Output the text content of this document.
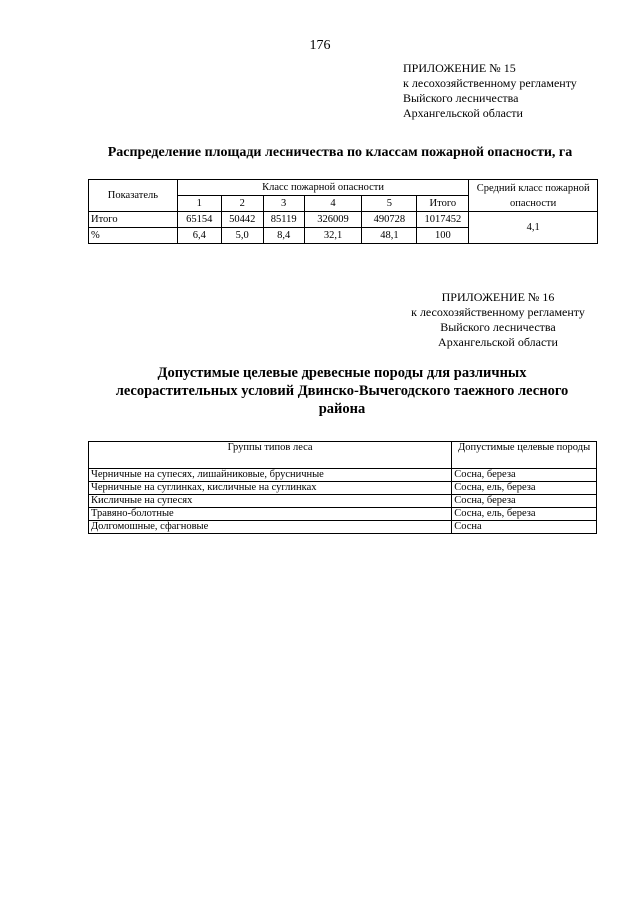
176
ПРИЛОЖЕНИЕ № 15
к лесохозяйственному регламенту
Выйского лесничества
Архангельской области
Распределение площади лесничества по классам пожарной опасности, га
Показатель	Класс пожарной опасности						Средний класс пожарной опасности
	1	2	3	4	5	Итого	
Итого	65154	50442	85119	326009	490728	1017452	4,1
%	6,4	5,0	8,4	32,1	48,1	100	
ПРИЛОЖЕНИЕ № 16
к лесохозяйственному регламенту
Выйского лесничества
Архангельской области
Допустимые целевые древесные породы для различных
лесорастительных условий Двинско-Вычегодского таежного лесного
района
Группы типов леса	Допустимые целевые породы
Черничные на супесях, лишайниковые, брусничные	Сосна, береза
Черничные на суглинках, кисличные на суглинках	Сосна, ель, береза
Кисличные на супесях	Сосна, береза
Травяно-болотные	Сосна, ель, береза
Долгомошные, сфагновые	Сосна
